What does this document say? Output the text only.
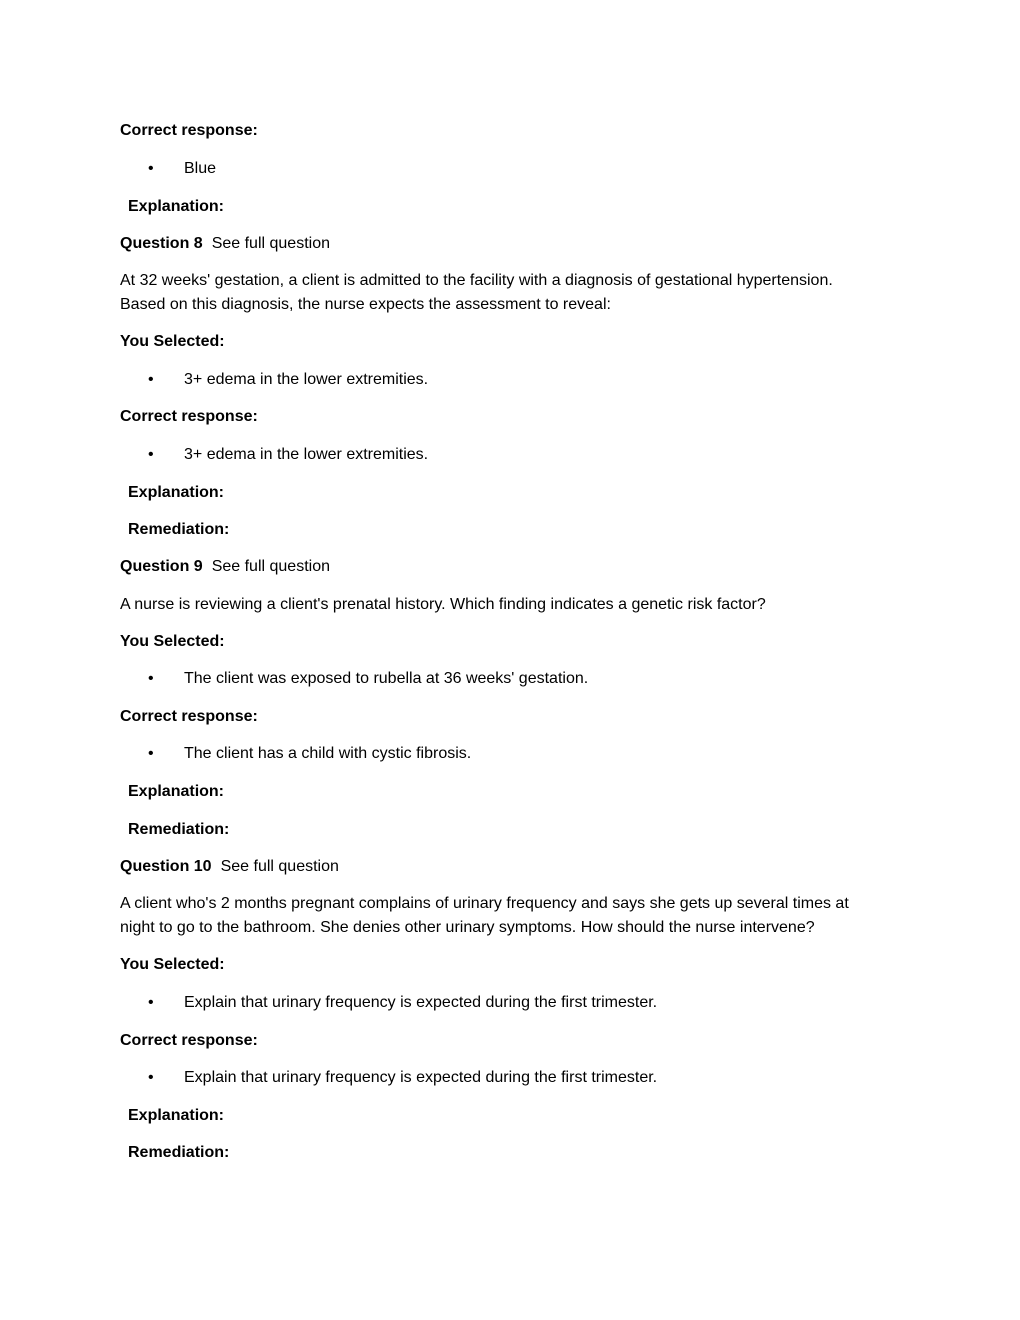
Correct response:
• Blue
Explanation:
Question 8 See full question
At 32 weeks' gestation, a client is admitted to the facility with a diagnosis of gestational hypertension.
Based on this diagnosis, the nurse expects the assessment to reveal:
You Selected:
• 3+ edema in the lower extremities.
Correct response:
• 3+ edema in the lower extremities.
Explanation:
Remediation:
Question 9 See full question
A nurse is reviewing a client's prenatal history. Which finding indicates a genetic risk factor?
You Selected:
• The client was exposed to rubella at 36 weeks' gestation.
Correct response:
• The client has a child with cystic fibrosis.
Explanation:
Remediation:
Question 10 See full question
A client who's 2 months pregnant complains of urinary frequency and says she gets up several times at
night to go to the bathroom. She denies other urinary symptoms. How should the nurse intervene?
You Selected:
• Explain that urinary frequency is expected during the first trimester.
Correct response:
• Explain that urinary frequency is expected during the first trimester.
Explanation:
Remediation:
